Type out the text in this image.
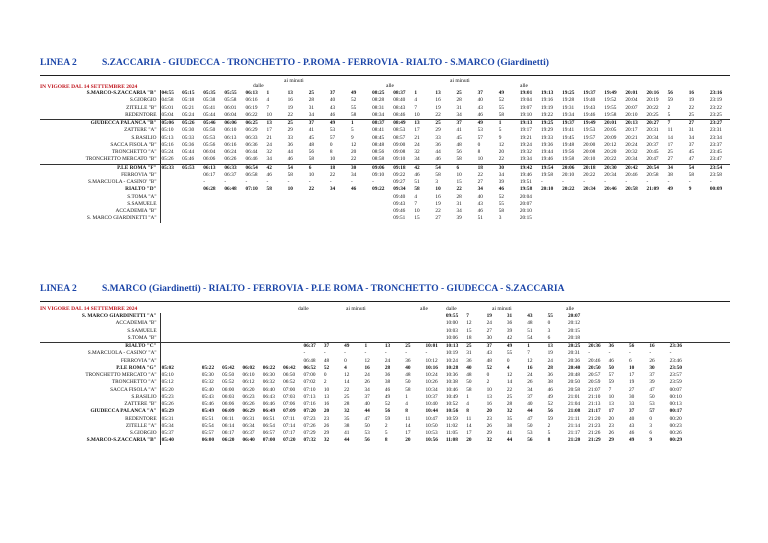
LINEA 2	S.ZACCARIA - GIUDECCA - TRONCHETTO - P.ROMA - FERROVIA - RIALTO - S.MARCO (Giardinetti)
IN VIGORE DAL 14 SETTEMBRE 2024	dalle
ai minuti
alle
ai minuti
alle
S.MARCO-S.ZACCARIA "B"	04:55	05:15	05:35	05:55	06:13	1	13	25	37	49	08:25	08:37	1	13	25	37	49	19:01	19:13	19:25	19:37	19:49	20:01	20:16	56	16	23:16
S.GIORGIO	04:58	05:18	05:38	05:58	06:16	4	16	28	40	52	08:28	08:40	4	16	28	40	52	19:04	19:16	19:28	19:40	19:52	20:04	20:19	59	19	23:19
ZITELLE "B"	05:01	05:21	05:41	06:01	06:19	7	19	31	43	55	08:31	08:43	7	19	31	43	55	19:07	19:19	19:31	19:43	19:55	20:07	20:22	2	22	23:22
REDENTORE	05:04	05:24	05:44	06:04	06:22	10	22	34	46	58	08:34	08:46	10	22	34	46	58	19:10	19:22	19:34	19:46	19:58	20:10	20:25	5	25	23:25
GIUDECCA PALANCA "B"	05:06	05:26	05:46	06:06	06:25	13	25	37	49	1	08:37	08:49	13	25	37	49	1	19:13	19:25	19:37	19:49	20:01	20:13	20:27	7	27	23:27
ZATTERE "A"	05:10	05:30	05:50	06:10	06:29	17	29	41	53	5	08:41	08:53	17	29	41	53	5	19:17	19:29	19:41	19:53	20:05	20:17	20:31	11	31	23:31
S.BASILIO	05:13	05:33	05:53	06:13	06:33	21	33	45	57	9	08:45	08:57	21	33	45	57	9	19:21	19:33	19:45	19:57	20:09	20:21	20:34	14	34	23:34
SACCA FISOLA "B"	05:16	05:36	05:56	06:16	06:36	24	36	48	0	12	08:48	09:00	24	36	48	0	12	19:24	19:36	19:48	20:00	20:12	20:24	20:37	17	37	23:37
TRONCHETTO "A"	05:24	05:44	06:04	06:24	06:44	32	44	56	8	20	08:56	09:08	32	44	56	8	20	19:32	19:44	19:56	20:08	20:20	20:32	20:45	25	45	23:45
TRONCHETTO MERCATO "B"	05:26	05:46	06:06	06:26	06:46	34	46	58	10	22	08:58	09:10	34	46	58	10	22	19:34	19:46	19:58	20:10	20:22	20:34	20:47	27	47	23:47
P.LE ROMA "F"	05:33	05:53	06:13	06:33	06:54	42	54	6	18	30	09:06	09:18	42	54	6	18	30	19:42	19:54	20:06	20:18	20:30	20:42	20:54	34	54	23:54
FERROVIA "B"			06:17	06:37	06:58	46	58	10	22	34	09:10	09:22	46	58	10	22	34	19:46	19:58	20:10	20:22	20:34	20:46	20:58	38	58	23:58
S.MARCUOLA - CASINO' "B"			-	-	-	-	-	-	-	-	-	09:27	51	3	15	27	39	19:51	-	-	-	-	-	-	-	-	-
RIALTO "D"			06:28	06:48	07:10	58	10	22	34	46	09:22	09:34	58	10	22	34	46	19:58	20:10	20:22	20:34	20:46	20:58	21:09	49	9	00:09
S.TOMÀ "A"												09:40	4	16	28	40	52	20:04									
S.SAMUELE												09:43	7	19	31	43	55	20:07									
ACCADEMIA "B"												09:46	10	22	34	46	58	20:10									
S. MARCO GIARDINETTI "A"												09:51	15	27	39	51	3	20:15									
LINEA 2	S.MARCO (Giardinetti) - RIALTO - FERROVIA - P.LE ROMA - TRONCHETTO - GIUDECCA - S.ZACCARIA
IN VIGORE DAL 14 SETTEMBRE 2024	dalle	ai minuti	alle	dalle	ai minuti	alle
S. MARCO GIARDINETTI "A"															09:55	7	19	31	43	55	20:07							
ACCADEMIA "B"															10:00	12	24	36	48	0	20:12							
S.SAMUELE															10:03	15	27	39	51	3	20:15							
S.TOMÀ "B"															10:06	18	30	42	54	6	20:18							
RIALTO "C"								06:37	37	49	1	13	25	10:01	10:13	25	37	49	1	13	20:25	20:36	36	56	16	23:36		
S.MARCUOLA - CASINO' "A"								-	-	-	-	-	-	-	10:19	31	43	55	7	19	20:31	-	-	-	-	-		
FERROVIA "A"								06:48	48	0	12	24	36	10:12	10:24	36	48	0	12	24	20:36	20:46	46	6	26	23:46		
P.LE ROMA "G"	05:02		05:22	05:42	06:02	06:22	06:42	06:52	52	4	16	28	40	10:16	10:28	40	52	4	16	28	20:40	20:50	50	10	30	23:50		
TRONCHETTO MERCATO "A"	05:10		05:30	05:50	06:10	06:30	06:50	07:00	0	12	24	36	48	10:24	10:36	48	0	12	24	36	20:48	20:57	57	17	37	23:57		
TRONCHETTO "A"	05:12		05:32	05:52	06:12	06:32	06:52	07:02	2	14	26	38	50	10:26	10:38	50	2	14	26	38	20:50	20:59	59	19	39	23:59		
SACCA FISOLA "A"	05:20		05:40	06:00	06:20	06:40	07:00	07:10	10	22	34	46	58	10:34	10:46	58	10	22	34	46	20:58	21:07	7	27	47	00:07		
S.BASILIO	05:23		05:43	06:03	06:23	06:43	07:03	07:13	13	25	37	49	1	10:37	10:49	1	13	25	37	49	21:01	21:10	10	30	50	00:10		
ZATTERE "B"	05:26		05:46	06:06	06:26	06:46	07:06	07:16	16	28	40	52	4	10:40	10:52	4	16	28	40	52	21:04	21:13	13	33	53	00:13		
GIUDECCA PALANCA "A"	05:29		05:49	06:09	06:29	06:49	07:09	07:20	20	32	44	56	8	10:44	10:56	8	20	32	44	56	21:08	21:17	17	37	57	00:17		
REDENTORE	05:31		05:51	06:11	06:31	06:51	07:11	07:23	23	35	47	59	11	10:47	10:59	11	23	35	47	59	21:11	21:20	20	40	0	00:20		
ZITELLE "A"	05:34		05:54	06:14	06:34	06:54	07:14	07:26	26	38	50	2	14	10:50	11:02	14	26	38	50	2	21:14	21:23	23	43	3	00:23		
S.GIORGIO	05:37		05:57	06:17	06:37	06:57	07:17	07:29	29	41	53	5	17	10:53	11:05	17	29	41	53	5	21:17	21:26	26	46	6	00:26		
S.MARCO-S.ZACCARIA "B"	05:40		06:00	06:20	06:40	07:00	07:20	07:32	32	44	56	8	20	10:56	11:08	20	32	44	56	8	21:20	21:29	29	49	9	00:29		
